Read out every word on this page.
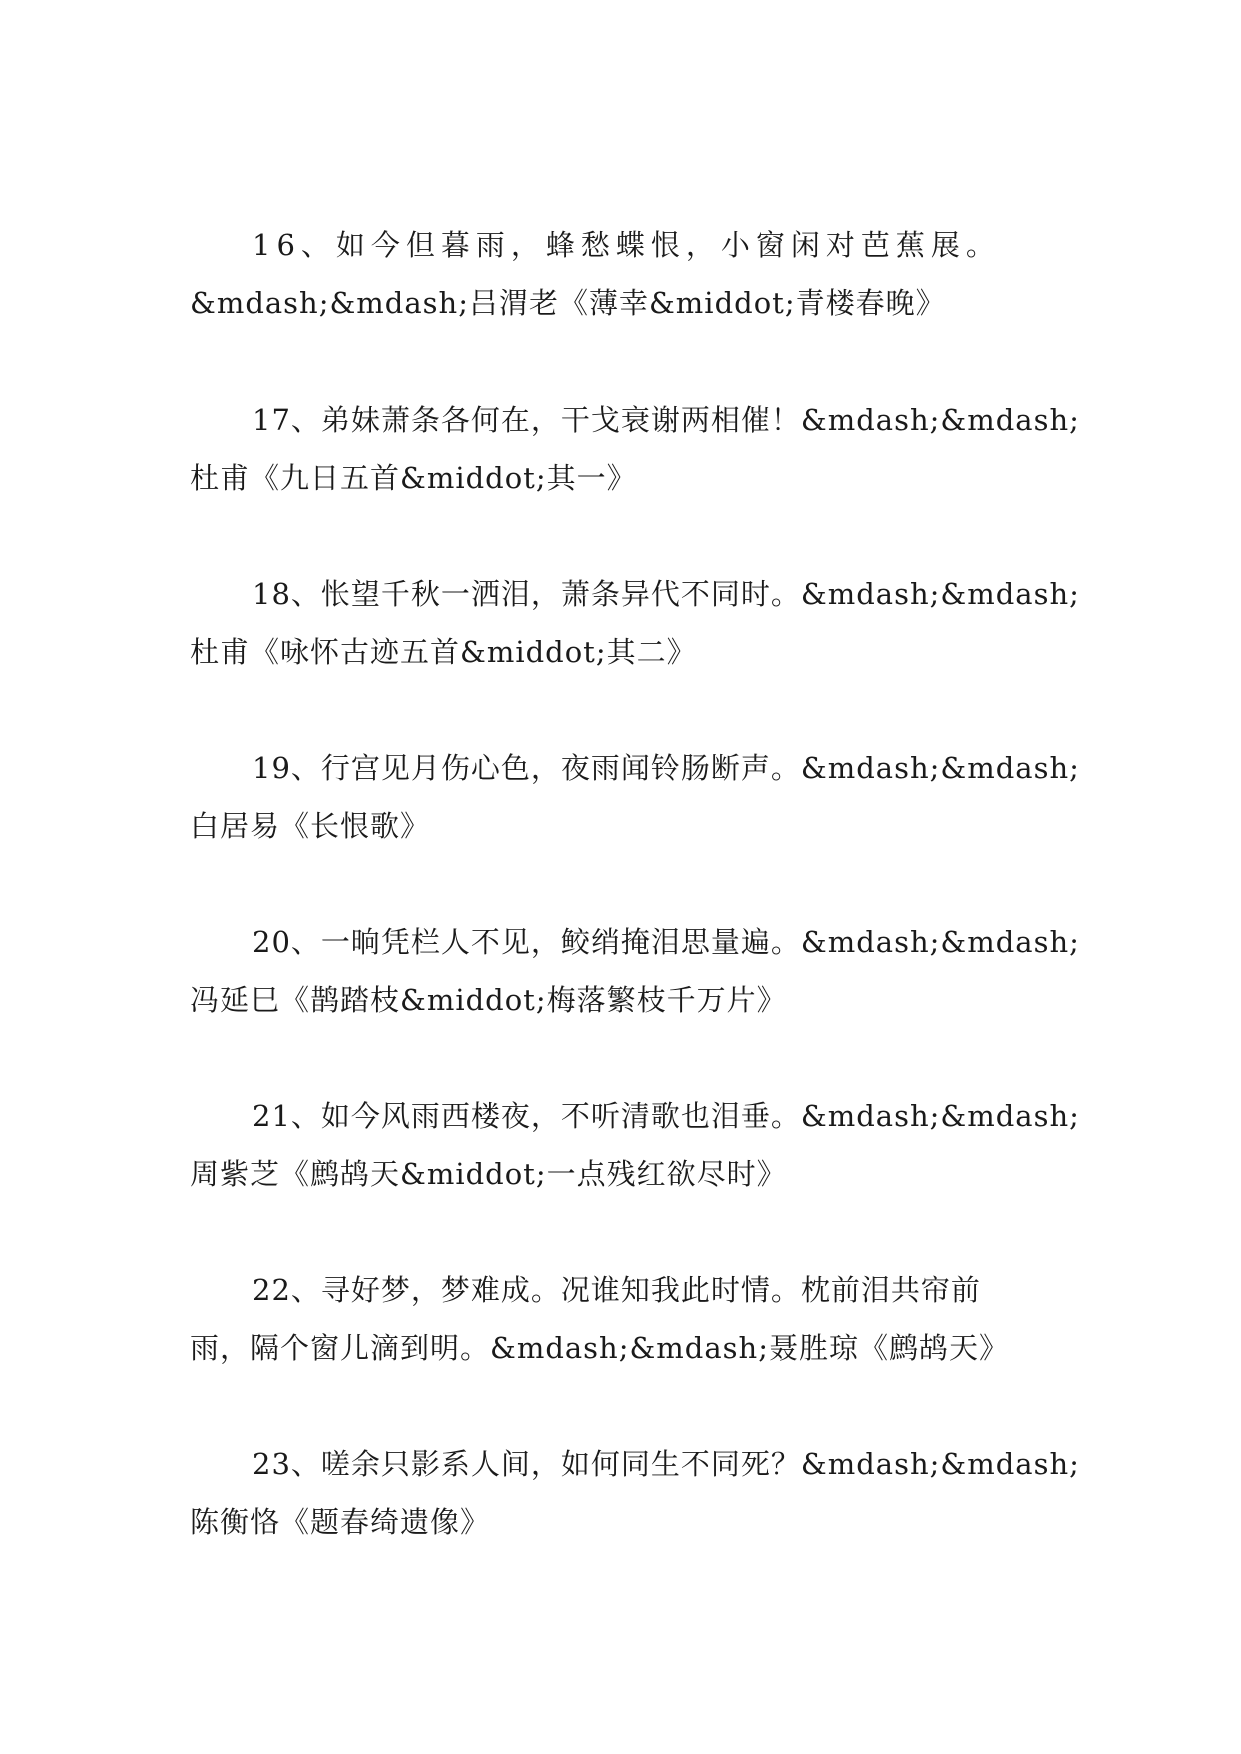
16、如今但暮雨，蜂愁蝶恨，小窗闲对芭蕉展。
&mdash;&mdash;吕渭老《薄幸&middot;青楼春晚》
17、弟妹萧条各何在，干戈衰谢两相催！&mdash;&mdash;
杜甫《九日五首&middot;其一》
18、怅望千秋一洒泪，萧条异代不同时。&mdash;&mdash;
杜甫《咏怀古迹五首&middot;其二》
19、行宫见月伤心色，夜雨闻铃肠断声。&mdash;&mdash;
白居易《长恨歌》
20、一晌凭栏人不见，鲛绡掩泪思量遍。&mdash;&mdash;
冯延巳《鹊踏枝&middot;梅落繁枝千万片》
21、如今风雨西楼夜，不听清歌也泪垂。&mdash;&mdash;
周紫芝《鹧鸪天&middot;一点残红欲尽时》
22、寻好梦，梦难成。况谁知我此时情。枕前泪共帘前
雨，隔个窗儿滴到明。&mdash;&mdash;聂胜琼《鹧鸪天》
23、嗟余只影系人间，如何同生不同死？&mdash;&mdash;
陈衡恪《题春绮遗像》
